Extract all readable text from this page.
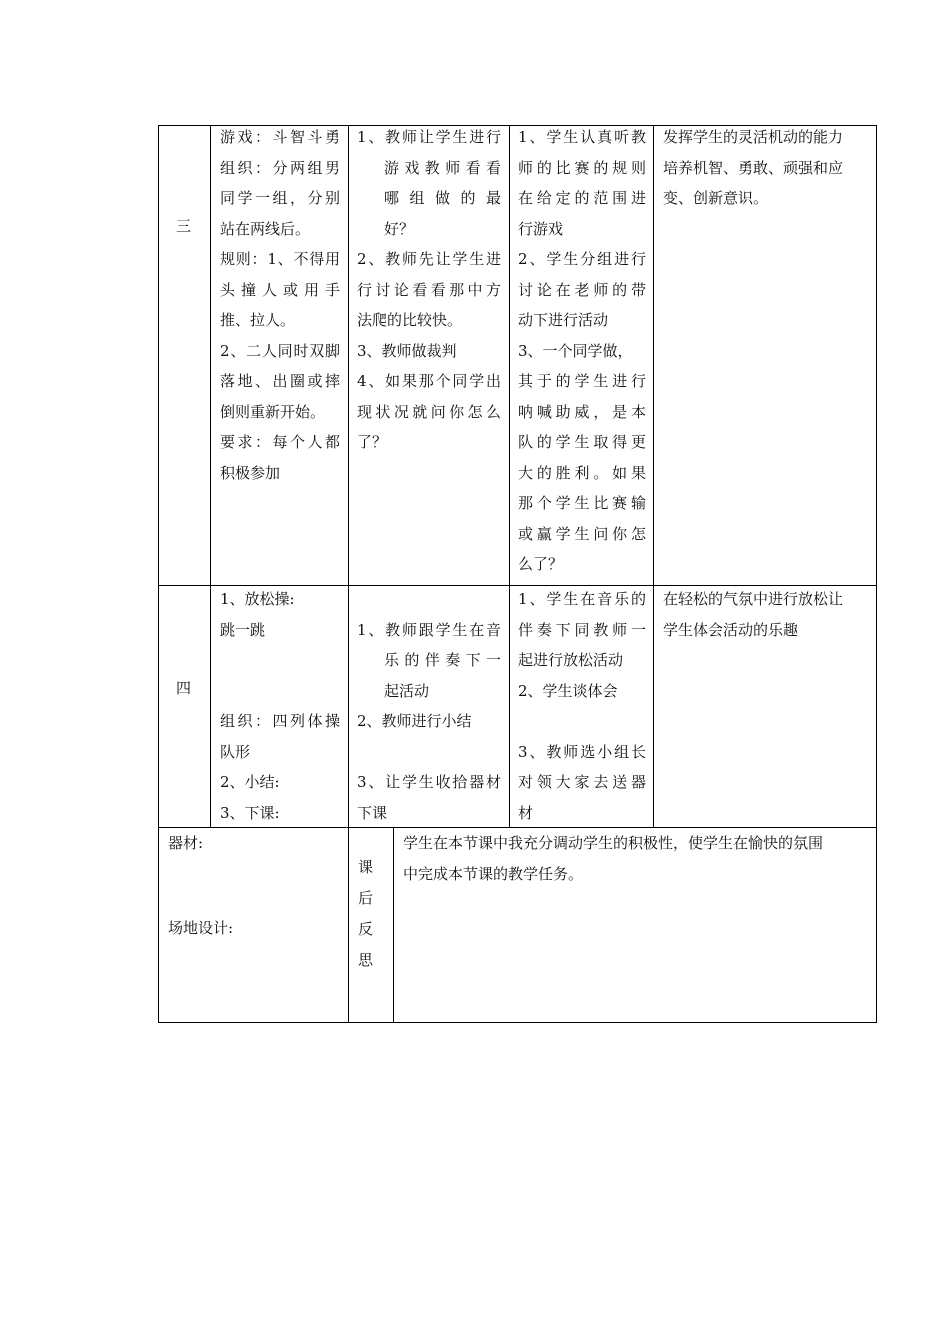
三
游戏：斗智斗勇
组织：分两组男
同学一组，分别
站在两线后。
规则：1、不得用
头撞人或用手
推、拉人。
2、二人同时双脚
落地、出圈或摔
倒则重新开始。
要求：每个人都
积极参加
1、教师让学生进行
游戏教师看看
哪组做的最
好？
2、教师先让学生进
行讨论看看那中方
法爬的比较快。
3、教师做裁判
4、如果那个同学出
现状况就问你怎么
了？
1、学生认真听教
师的比赛的规则
在给定的范围进
行游戏
2、学生分组进行
讨论在老师的带
动下进行活动
3、一个同学做，
其于的学生进行
呐喊助威，是本
队的学生取得更
大的胜利。如果
那个学生比赛输
或赢学生问你怎
么了？
发挥学生的灵活机动的能力
培养机智、勇敢、顽强和应
变、创新意识。
四
1、放松操:
跳一跳

组织：四列体操
队形
2、小结:
3、下课:

1、教师跟学生在音
乐的伴奏下一
起活动
2、教师进行小结

3、让学生收拾器材
下课
1、学生在音乐的
伴奏下同教师一
起进行放松活动
2、学生谈体会

3、教师选小组长
对领大家去送器
材
在轻松的气氛中进行放松让
学生体会活动的乐趣
器材:
场地设计:
课
后
反
思
学生在本节课中我充分调动学生的积极性，使学生在愉快的氛围
中完成本节课的教学任务。
